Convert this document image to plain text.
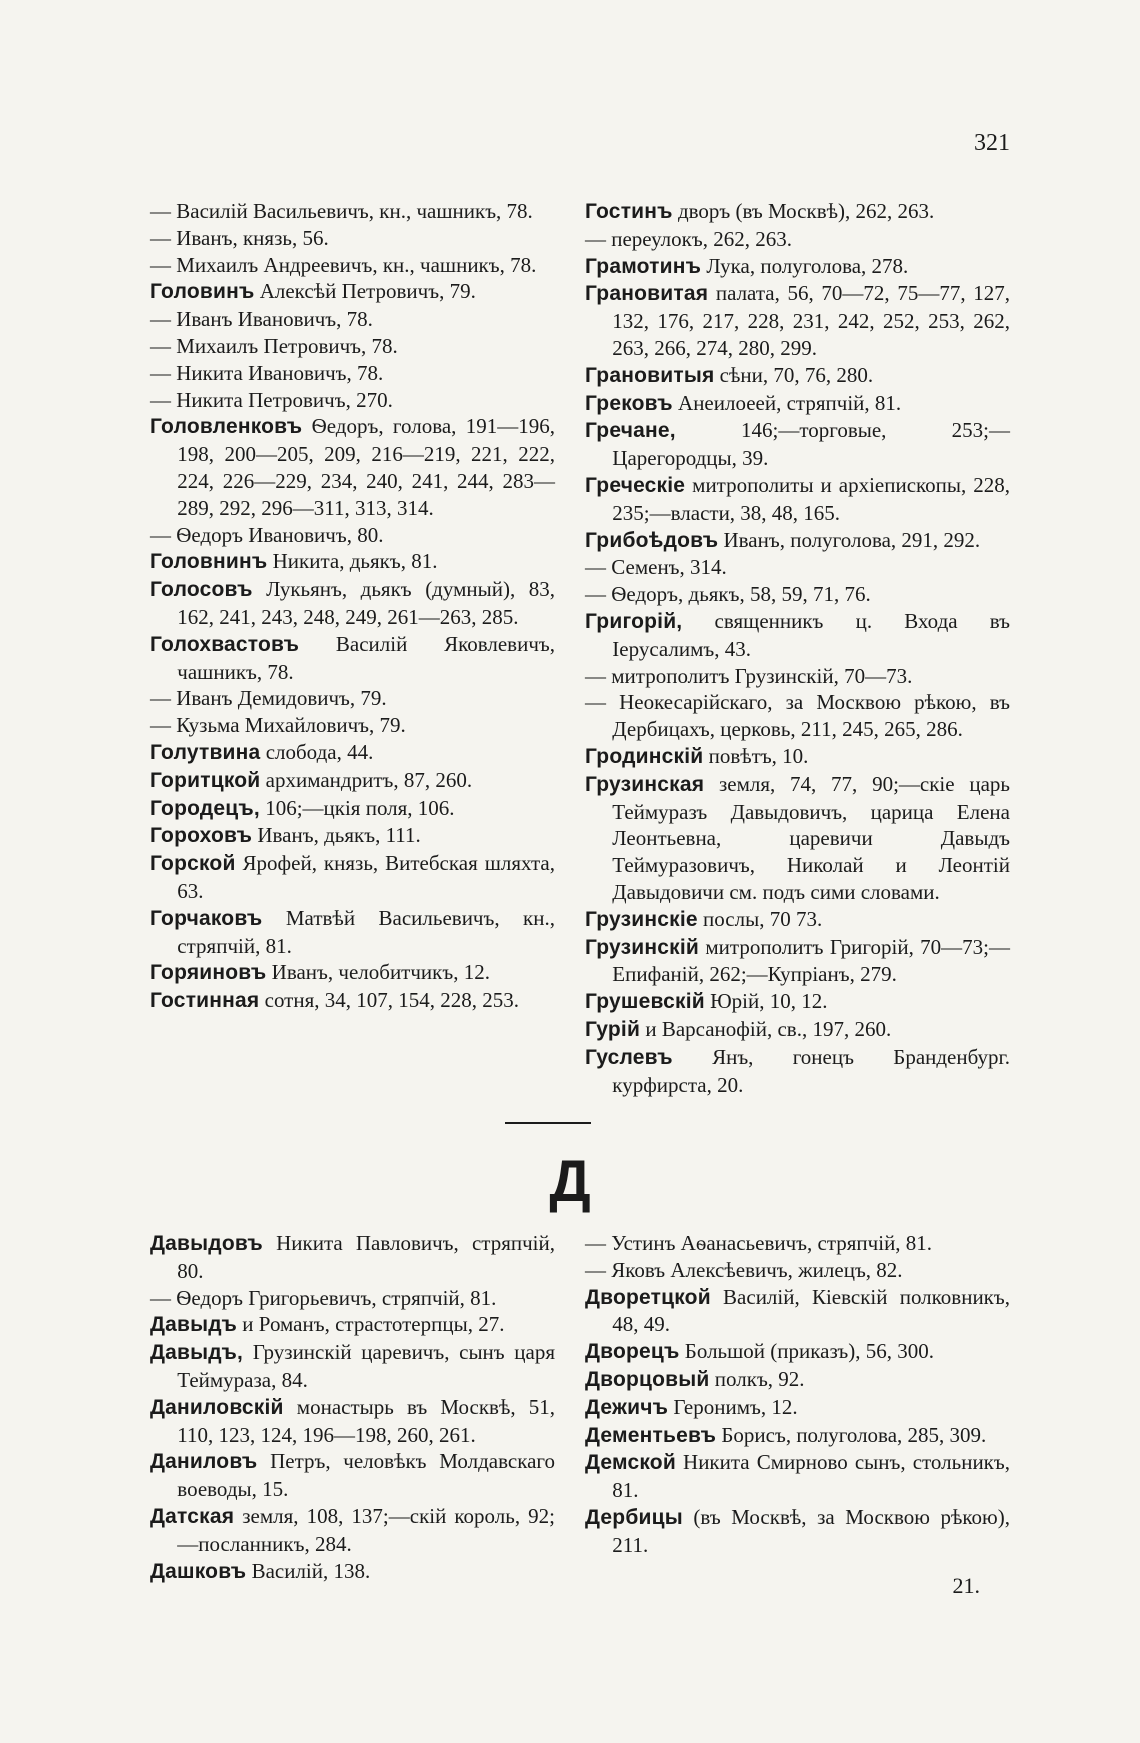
321
— Василій Васильевичъ, кн., чашникъ, 78.
— Иванъ, князь, 56.
— Михаилъ Андреевичъ, кн., чашникъ, 78.
Головинъ Алексѣй Петровичъ, 79.
— Иванъ Ивановичъ, 78.
— Михаилъ Петровичъ, 78.
— Никита Ивановичъ, 78.
— Никита Петровичъ, 270.
Головленковъ Ѳедоръ, голова, 191—196, 198, 200—205, 209, 216—219, 221, 222, 224, 226—229, 234, 240, 241, 244, 283—289, 292, 296—311, 313, 314.
— Ѳедоръ Ивановичъ, 80.
Головнинъ Никита, дьякъ, 81.
Голосовъ Лукьянъ, дьякъ (думный), 83, 162, 241, 243, 248, 249, 261—263, 285.
Голохвастовъ Василій Яковлевичъ, чашникъ, 78.
— Иванъ Демидовичъ, 79.
— Кузьма Михайловичъ, 79.
Голутвина слобода, 44.
Горитцкой архимандритъ, 87, 260.
Городецъ, 106;—цкія поля, 106.
Гороховъ Иванъ, дьякъ, 111.
Горской Ярофей, князь, Витебская шляхта, 63.
Горчаковъ Матвѣй Васильевичъ, кн., стряпчій, 81.
Горяиновъ Иванъ, челобитчикъ, 12.
Гостинная сотня, 34, 107, 154, 228, 253.
Гостинъ дворъ (въ Москвѣ), 262, 263.
— переулокъ, 262, 263.
Грамотинъ Лука, полуголова, 278.
Грановитая палата, 56, 70—72, 75—77, 127, 132, 176, 217, 228, 231, 242, 252, 253, 262, 263, 266, 274, 280, 299.
Грановитыя сѣни, 70, 76, 280.
Грековъ Анеилоеей, стряпчій, 81.
Гречане, 146;—торговые, 253;—Царегородцы, 39.
Греческіе митрополиты и архіепископы, 228, 235;—власти, 38, 48, 165.
Грибоѣдовъ Иванъ, полуголова, 291, 292.
— Семенъ, 314.
— Ѳедоръ, дьякъ, 58, 59, 71, 76.
Григорій, священникъ ц. Входа въ Іерусалимъ, 43.
— митрополитъ Грузинскій, 70—73.
— Неокесарійскаго, за Москвою рѣкою, въ Дербицахъ, церковь, 211, 245, 265, 286.
Гродинскій повѣтъ, 10.
Грузинская земля, 74, 77, 90;—скіе царь Теймуразъ Давыдовичъ, царица Елена Леонтьевна, царевичи Давыдъ Теймуразовичъ, Николай и Леонтій Давыдовичи см. подъ сими словами.
Грузинскіе послы, 70 73.
Грузинскій митрополитъ Григорій, 70—73;—Епифаній, 262;—Купріанъ, 279.
Грушевскій Юрій, 10, 12.
Гурій и Варсанофій, св., 197, 260.
Гуслевъ Янъ, гонецъ Бранденбург. курфирста, 20.
Д
Давыдовъ Никита Павловичъ, стряпчій, 80.
— Ѳедоръ Григорьевичъ, стряпчій, 81.
Давыдъ и Романъ, страстотерпцы, 27.
Давыдъ, Грузинскій царевичъ, сынъ царя Теймураза, 84.
Даниловскій монастырь въ Москвѣ, 51, 110, 123, 124, 196—198, 260, 261.
Даниловъ Петръ, человѣкъ Молдавскаго воеводы, 15.
Датская земля, 108, 137;—скій король, 92;—посланникъ, 284.
Дашковъ Василій, 138.
— Устинъ Аѳанасьевичъ, стряпчій, 81.
— Яковъ Алексѣевичъ, жилецъ, 82.
Дворетцкой Василій, Кіевскій полковникъ, 48, 49.
Дворецъ Большой (приказъ), 56, 300.
Дворцовый полкъ, 92.
Дежичъ Геронимъ, 12.
Дементьевъ Борисъ, полуголова, 285, 309.
Демской Никита Смирново сынъ, стольникъ, 81.
Дербицы (въ Москвѣ, за Москвою рѣкою), 211.
21.
